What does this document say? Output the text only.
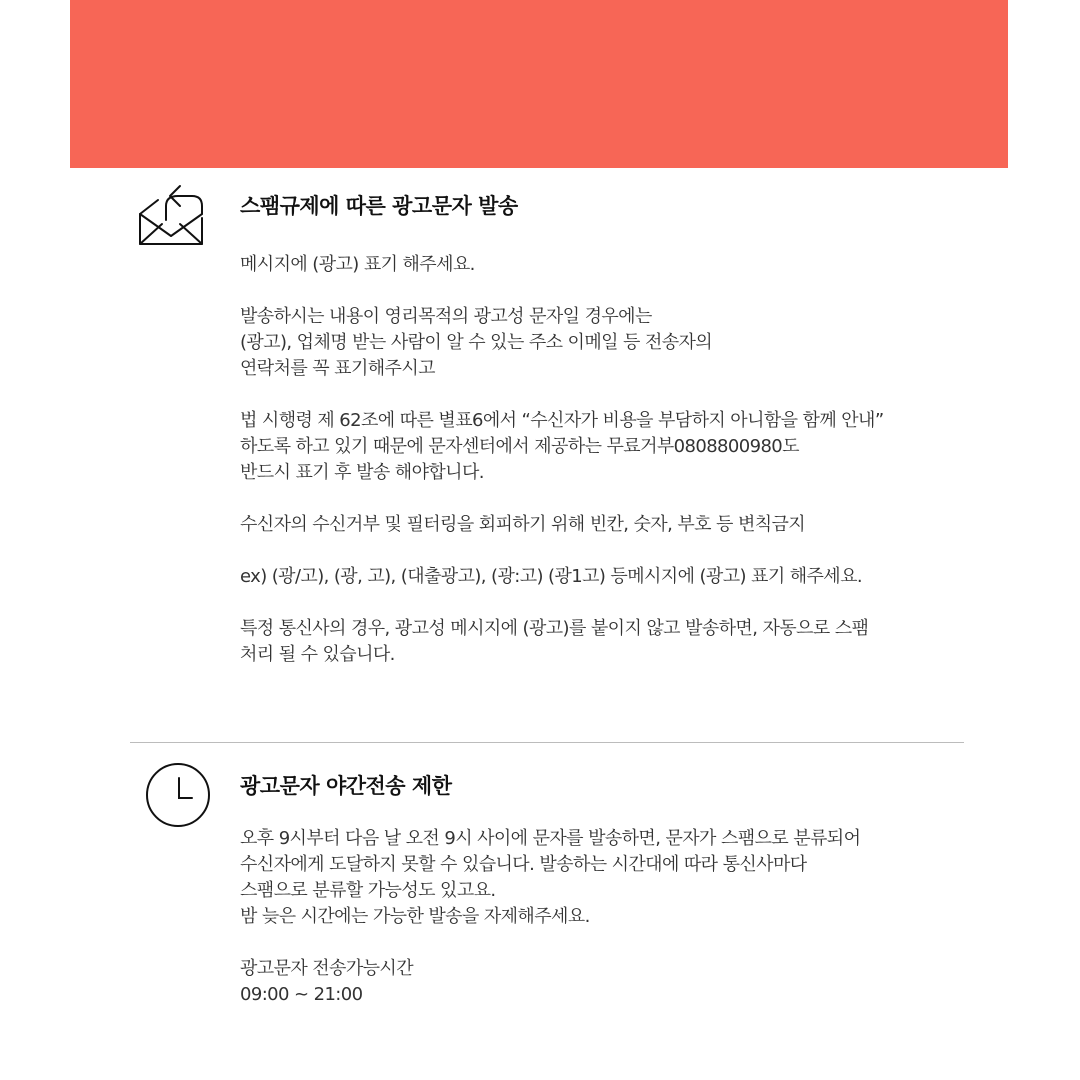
스팸규제에 따른 광고문자 발송

메시지에 (광고) 표기 해주세요.

발송하시는 내용이 영리목적의 광고성 문자일 경우에는
(광고), 업체명 받는 사람이 알 수 있는 주소 이메일 등 전송자의
연락처를 꼭 표기해주시고

법 시행령 제 62조에 따른 별표6에서 “수신자가 비용을 부담하지 아니함을 함께 안내”
하도록 하고 있기 때문에 문자센터에서 제공하는 무료거부0808800980도
반드시 표기 후 발송 해야합니다.

수신자의 수신거부 및 필터링을 회피하기 위해 빈칸, 숫자, 부호 등 변칙금지

ex) (광/고), (광, 고), (대출광고), (광:고) (광1고) 등메시지에 (광고) 표기 해주세요.

특정 통신사의 경우, 광고성 메시지에 (광고)를 붙이지 않고 발송하면, 자동으로 스팸
처리 될 수 있습니다.

광고문자 야간전송 제한

오후 9시부터 다음 날 오전 9시 사이에 문자를 발송하면, 문자가 스팸으로 분류되어
수신자에게 도달하지 못할 수 있습니다. 발송하는 시간대에 따라 통신사마다
스팸으로 분류할 가능성도 있고요.
밤 늦은 시간에는 가능한 발송을 자제해주세요.

광고문자 전송가능시간
09:00 ~ 21:00
